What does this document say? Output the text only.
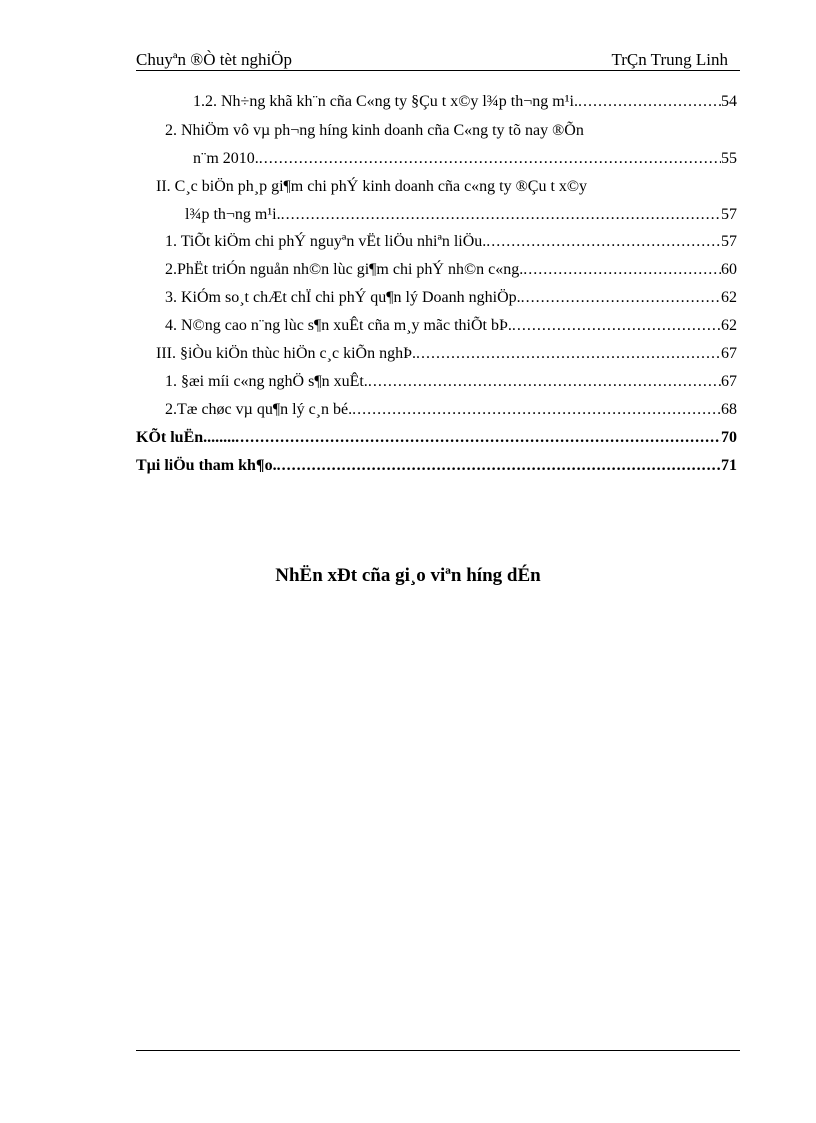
Chuyªn ®Ò tèt nghiÖp	TrÇn Trung Linh
1.2. Nh÷ng khã kh¨n cña C«ng ty §Çu t x©y l¾p th¬ng m¹i. .....	54
2. NhiÖm vô vµ ph¬ng híng kinh doanh cña C«ng ty tõ nay ®Õn
n¨m 2010. .....	55
II. C¸c biÖn ph¸p gi¶m chi phÝ kinh doanh cña c«ng ty ®Çu t x©y
l¾p th¬ng m¹i. .....	57
1. TiÕt kiÖm chi phÝ nguyªn vËt liÖu nhiªn liÖu. .....	57
2.PhËt triÓn nguån nh©n lùc gi¶m chi phÝ nh©n c«ng. .....	60
3. KiÓm so¸t chÆt chÏ chi phÝ qu¶n lý Doanh nghiÖp. .....	62
4. N©ng cao n¨ng lùc s¶n xuÊt cña m¸y mãc thiÕt bÞ. .....	62
III. §iÒu kiÖn thùc hiÖn c¸c kiÕn nghÞ. .....	67
1. §æi míi c«ng nghÖ s¶n xuÊt. .....	67
2.Tæ chøc vµ qu¶n lý c¸n bé. .....	68
KÕt luËn........ .....	70
Tµi liÖu tham kh¶o. .....	71
NhËn xÐt cña gi¸o viªn híng dÉn
